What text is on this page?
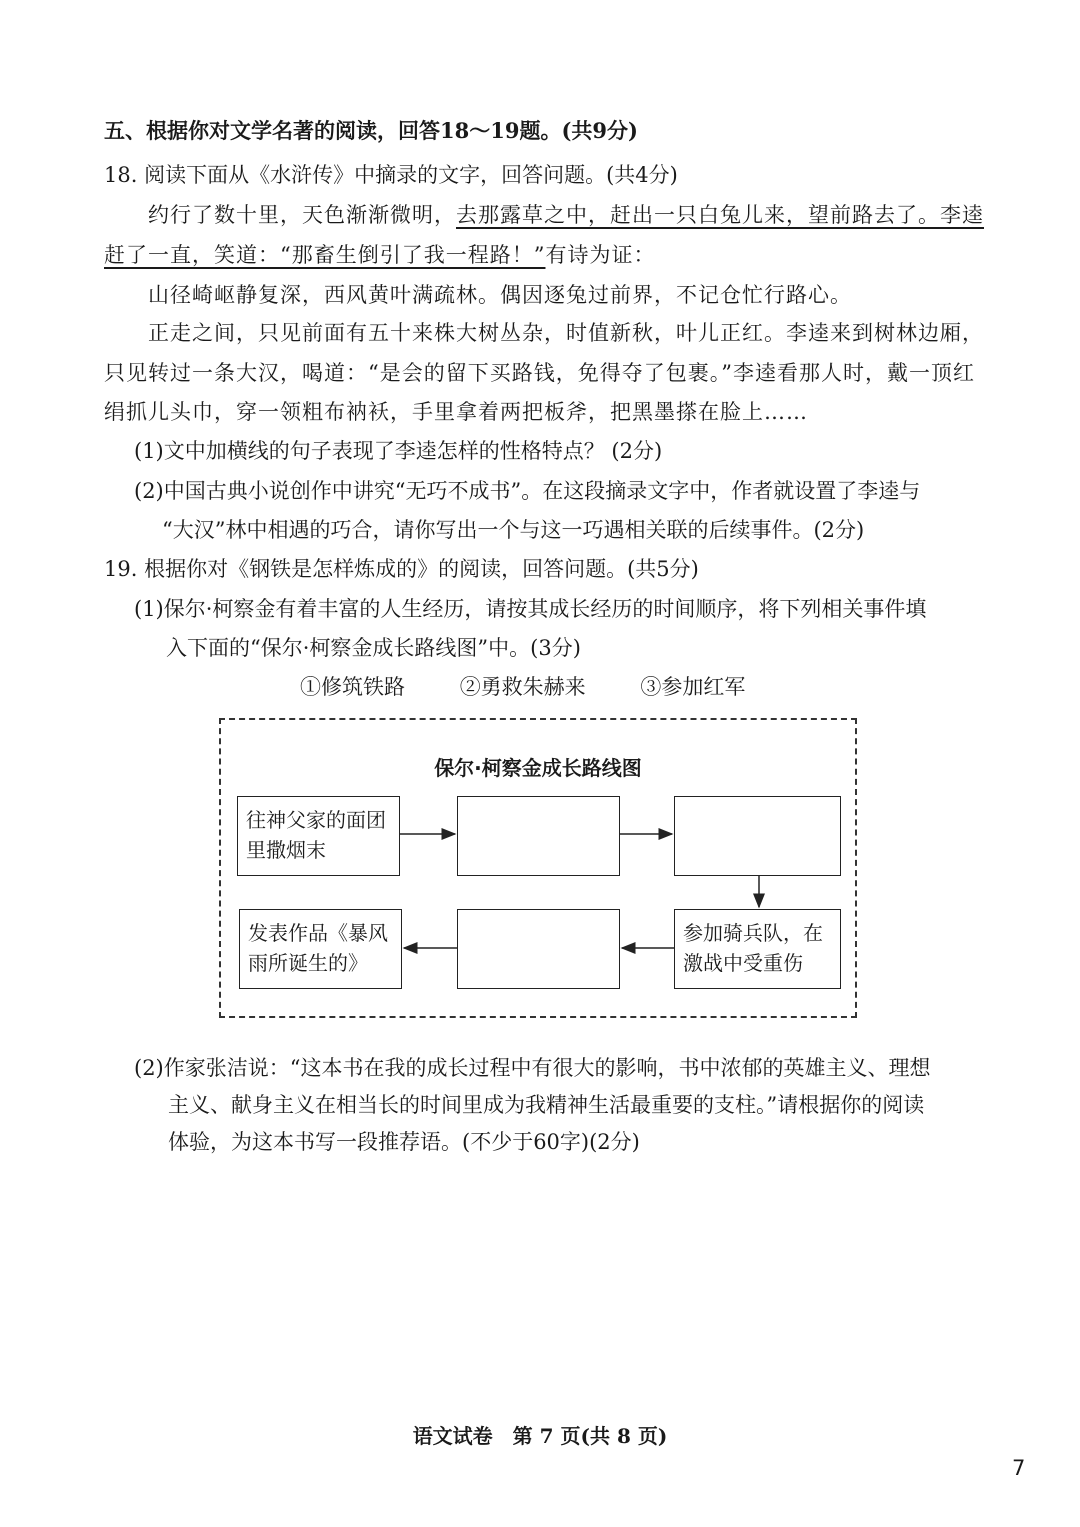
五、根据你对文学名著的阅读，回答18～19题。(共9分)
18. 阅读下面从《水浒传》中摘录的文字，回答问题。(共4分)
约行了数十里，天色渐渐微明，去那露草之中，赶出一只白兔儿来，望前路去了。李逵
赶了一直，笑道：“那畜生倒引了我一程路！”有诗为证：
山径崎岖静复深，西风黄叶满疏林。偶因逐兔过前界，不记仓忙行路心。
正走之间，只见前面有五十来株大树丛杂，时值新秋，叶儿正红。李逵来到树林边厢，
只见转过一条大汉，喝道：“是会的留下买路钱，免得夺了包裹。”李逵看那人时，戴一顶红
绢抓儿头巾，穿一领粗布衲袄，手里拿着两把板斧，把黑墨搽在脸上……
(1)文中加横线的句子表现了李逵怎样的性格特点？ (2分)
(2)中国古典小说创作中讲究“无巧不成书”。在这段摘录文字中，作者就设置了李逵与
“大汉”林中相遇的巧合，请你写出一个与这一巧遇相关联的后续事件。(2分)
19. 根据你对《钢铁是怎样炼成的》的阅读，回答问题。(共5分)
(1)保尔·柯察金有着丰富的人生经历，请按其成长经历的时间顺序，将下列相关事件填
入下面的“保尔·柯察金成长路线图”中。(3分)
①修筑铁路	②勇救朱赫来	③参加红军
保尔·柯察金成长路线图
往神父家的面团
里撒烟末
参加骑兵队，在
激战中受重伤
发表作品《暴风
雨所诞生的》
(2)作家张洁说：“这本书在我的成长过程中有很大的影响，书中浓郁的英雄主义、理想
主义、献身主义在相当长的时间里成为我精神生活最重要的支柱。”请根据你的阅读
体验，为这本书写一段推荐语。(不少于60字)(2分)
语文试卷　第 7 页(共 8 页)
7
